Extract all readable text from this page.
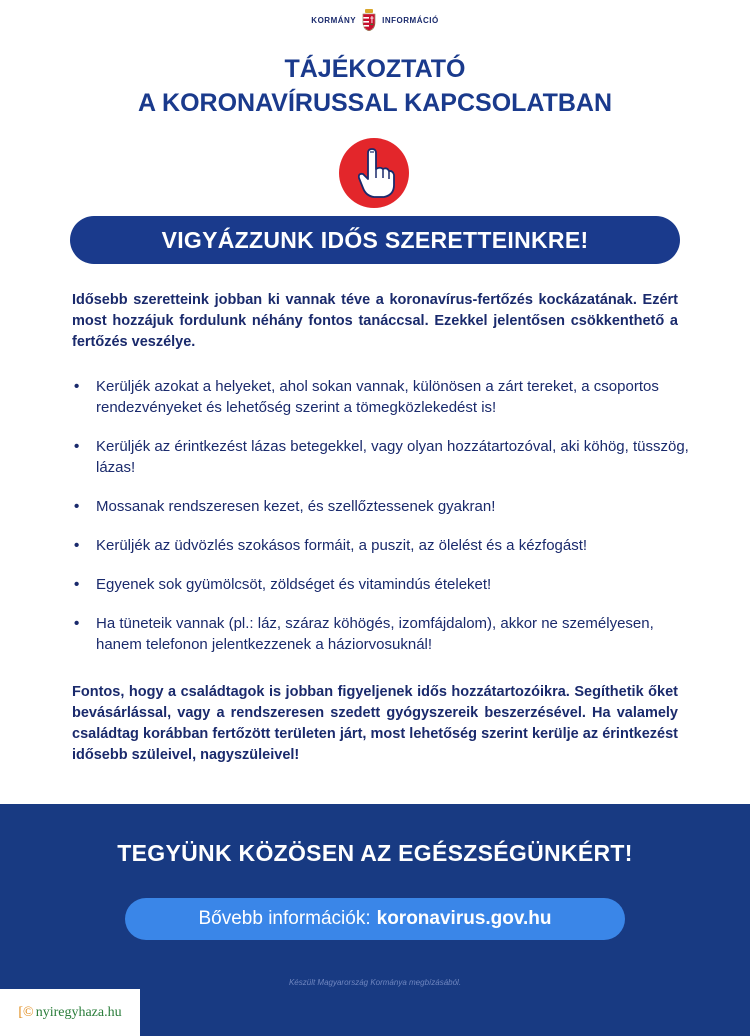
KORMÁNY	INFORMÁCIÓ
TÁJÉKOZTATÓ
A KORONAVÍRUSSAL KAPCSOLATBAN
VIGYÁZZUNK IDŐS SZERETTEINKRE!

Idősebb szeretteink jobban ki vannak téve a koronavírus-fertőzés kockázatának. Ezért most hozzájuk fordulunk néhány fontos tanáccsal. Ezekkel jelentősen csökkenthető a fertőzés veszélye.

• Kerüljék azokat a helyeket, ahol sokan vannak, különösen a zárt tereket, a csoportos rendezvényeket és lehetőség szerint a tömegközlekedést is!
• Kerüljék az érintkezést lázas betegekkel, vagy olyan hozzátartozóval, aki köhög, tüsszög, lázas!
• Mossanak rendszeresen kezet, és szellőztessenek gyakran!
• Kerüljék az üdvözlés szokásos formáit, a puszit, az ölelést és a kézfogást!
• Egyenek sok gyümölcsöt, zöldséget és vitamindús ételeket!
• Ha tüneteik vannak (pl.: láz, száraz köhögés, izomfájdalom), akkor ne személyesen, hanem telefonon jelentkezzenek a háziorvosuknál!

Fontos, hogy a családtagok is jobban figyeljenek idős hozzátartozóikra. Segíthetik őket bevásárlással, vagy a rendszeresen szedett gyógyszereik beszerzésével. Ha valamely családtag korábban fertőzött területen járt, most lehetőség szerint kerülje az érintkezést idősebb szüleivel, nagyszüleivel!

TEGYÜNK KÖZÖSEN AZ EGÉSZSÉGÜNKÉRT!
Bővebb információk: koronavirus.gov.hu
Készült Magyarország Kormánya megbízásából.
[© nyiregyhaza.hu
